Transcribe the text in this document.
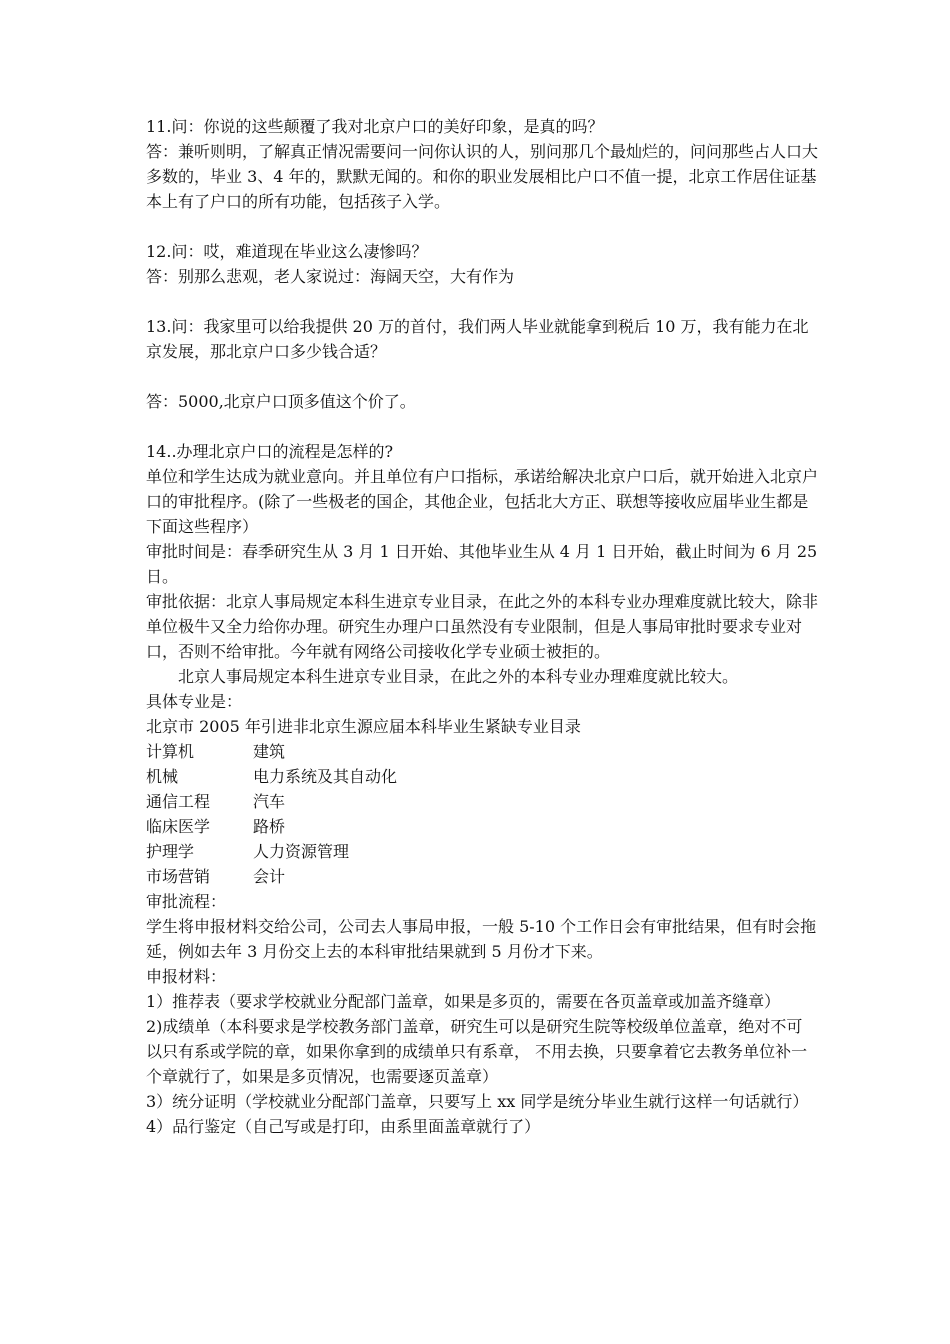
11.问：你说的这些颠覆了我对北京户口的美好印象，是真的吗？

答：兼听则明，了解真正情况需要问一问你认识的人，别问那几个最灿烂的，问问那些占人口大多数的，毕业 3、4 年的，默默无闻的。和你的职业发展相比户口不值一提，北京工作居住证基本上有了户口的所有功能，包括孩子入学。

12.问：哎，难道现在毕业这么凄惨吗？

答：别那么悲观，老人家说过：海阔天空，大有作为

13.问：我家里可以给我提供 20 万的首付，我们两人毕业就能拿到税后 10 万，我有能力在北京发展，那北京户口多少钱合适？

答：5000,北京户口顶多值这个价了。

14..办理北京户口的流程是怎样的?

单位和学生达成为就业意向。并且单位有户口指标，承诺给解决北京户口后，就开始进入北京户口的审批程序。(除了一些极老的国企，其他企业，包括北大方正、联想等接收应届毕业生都是下面这些程序）

审批时间是：春季研究生从 3 月 1 日开始、其他毕业生从 4 月 1 日开始，截止时间为 6 月 25 日。

审批依据：北京人事局规定本科生进京专业目录，在此之外的本科专业办理难度就比较大，除非单位极牛又全力给你办理。研究生办理户口虽然没有专业限制，但是人事局审批时要求专业对口，否则不给审批。今年就有网络公司接收化学专业硕士被拒的。

北京人事局规定本科生进京专业目录，在此之外的本科专业办理难度就比较大。

具体专业是：

北京市 2005 年引进非北京生源应届本科毕业生紧缺专业目录

计算机	建筑
机械	电力系统及其自动化
通信工程	汽车
临床医学	路桥
护理学	人力资源管理
市场营销	会计

审批流程：

学生将申报材料交给公司，公司去人事局申报，一般 5-10 个工作日会有审批结果，但有时会拖延，例如去年 3 月份交上去的本科审批结果就到 5 月份才下来。

申报材料：

1）推荐表（要求学校就业分配部门盖章，如果是多页的，需要在各页盖章或加盖齐缝章）

2)成绩单（本科要求是学校教务部门盖章，研究生可以是研究生院等校级单位盖章，绝对不可以只有系或学院的章，如果你拿到的成绩单只有系章， 不用去换，只要拿着它去教务单位补一个章就行了，如果是多页情况，也需要逐页盖章）

3）统分证明（学校就业分配部门盖章，只要写上 xx 同学是统分毕业生就行这样一句话就行）

4）品行鉴定（自己写或是打印，由系里面盖章就行了）
